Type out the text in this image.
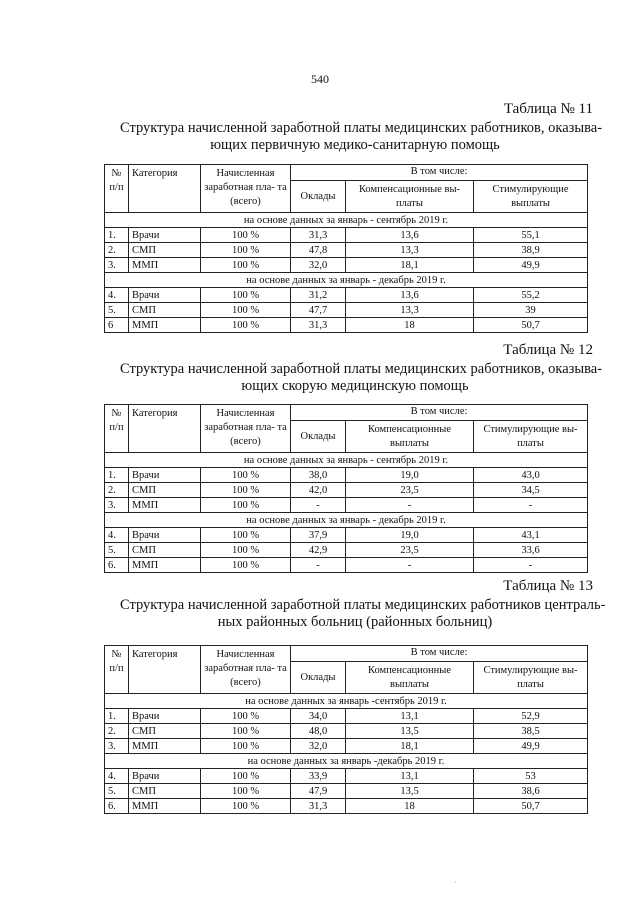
540
Таблица № 11
Структура начисленной заработной платы медицинских работников, оказыва-
ющих первичную медико-санитарную помощь
№ п/п	Категория	Начисленная заработная пла- та (всего)	В том числе:		
			Оклады	Компенсационные вы- платы	Стимулирующие выплаты
на основе данных за январь - сентябрь 2019 г.					
1.	Врачи	100 %	31,3	13,6	55,1
2.	СМП	100 %	47,8	13,3	38,9
3.	ММП	100 %	32,0	18,1	49,9
на основе данных за январь - декабрь 2019 г.					
4.	Врачи	100 %	31,2	13,6	55,2
5.	СМП	100 %	47,7	13,3	39
6	ММП	100 %	31,3	18	50,7
Таблица № 12
Структура начисленной заработной платы медицинских работников, оказыва-
ющих скорую медицинскую помощь
№ п/п	Категория	Начисленная заработная пла- та (всего)	В том числе:		
			Оклады	Компенсационные выплаты	Стимулирующие вы- платы
на основе данных за январь - сентябрь 2019 г.					
1.	Врачи	100 %	38,0	19,0	43,0
2.	СМП	100 %	42,0	23,5	34,5
3.	ММП	100 %	-	-	-
на основе данных за январь - декабрь 2019 г.					
4.	Врачи	100 %	37,9	19,0	43,1
5.	СМП	100 %	42,9	23,5	33,6
6.	ММП	100 %	-	-	-
Таблица № 13
Структура начисленной заработной платы медицинских работников централь-
ных районных больниц (районных больниц)
№ п/п	Категория	Начисленная заработная пла- та (всего)	В том числе:		
			Оклады	Компенсационные выплаты	Стимулирующие вы- платы
на основе данных за январь -сентябрь 2019 г.					
1.	Врачи	100 %	34,0	13,1	52,9
2.	СМП	100 %	48,0	13,5	38,5
3.	ММП	100 %	32,0	18,1	49,9
на основе данных за январь -декабрь 2019 г.					
4.	Врачи	100 %	33,9	13,1	53
5.	СМП	100 %	47,9	13,5	38,6
6.	ММП	100 %	31,3	18	50,7
·
